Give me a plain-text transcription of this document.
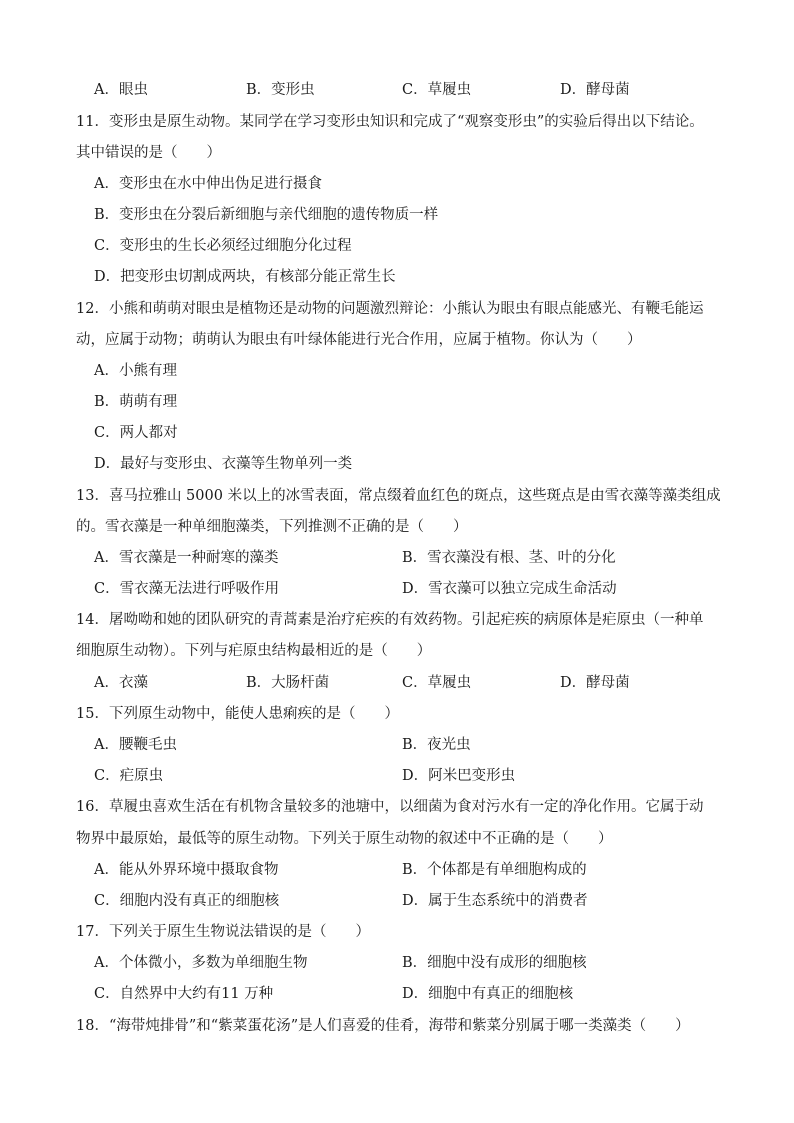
A．眼虫	B．变形虫	C．草履虫	D．酵母菌
11．变形虫是原生动物。某同学在学习变形虫知识和完成了“观察变形虫”的实验后得出以下结论。
其中错误的是（　　）
A．变形虫在水中伸出伪足进行摄食
B．变形虫在分裂后新细胞与亲代细胞的遗传物质一样
C．变形虫的生长必须经过细胞分化过程
D．把变形虫切割成两块，有核部分能正常生长
12．小熊和萌萌对眼虫是植物还是动物的问题激烈辩论：小熊认为眼虫有眼点能感光、有鞭毛能运
动，应属于动物；萌萌认为眼虫有叶绿体能进行光合作用，应属于植物。你认为（　　）
A．小熊有理
B．萌萌有理
C．两人都对
D．最好与变形虫、衣藻等生物单列一类
13．喜马拉雅山 5000 米以上的冰雪表面，常点缀着血红色的斑点，这些斑点是由雪衣藻等藻类组成
的。雪衣藻是一种单细胞藻类，下列推测不正确的是（　　）
A．雪衣藻是一种耐寒的藻类	B．雪衣藻没有根、茎、叶的分化
C．雪衣藻无法进行呼吸作用	D．雪衣藻可以独立完成生命活动
14．屠呦呦和她的团队研究的青蒿素是治疗疟疾的有效药物。引起疟疾的病原体是疟原虫（一种单
细胞原生动物）。下列与疟原虫结构最相近的是（　　）
A．衣藻	B．大肠杆菌	C．草履虫	D．酵母菌
15．下列原生动物中，能使人患痢疾的是（　　）
A．腰鞭毛虫	B．夜光虫
C．疟原虫	D．阿米巴变形虫
16．草履虫喜欢生活在有机物含量较多的池塘中，以细菌为食对污水有一定的净化作用。它属于动
物界中最原始，最低等的原生动物。下列关于原生动物的叙述中不正确的是（　　）
A．能从外界环境中摄取食物	B．个体都是有单细胞构成的
C．细胞内没有真正的细胞核	D．属于生态系统中的消费者
17．下列关于原生生物说法错误的是（　　）
A．个体微小，多数为单细胞生物	B．细胞中没有成形的细胞核
C．自然界中大约有11 万种	D．细胞中有真正的细胞核
18．“海带炖排骨”和“紫菜蛋花汤”是人们喜爱的佳肴，海带和紫菜分别属于哪一类藻类（　　）
